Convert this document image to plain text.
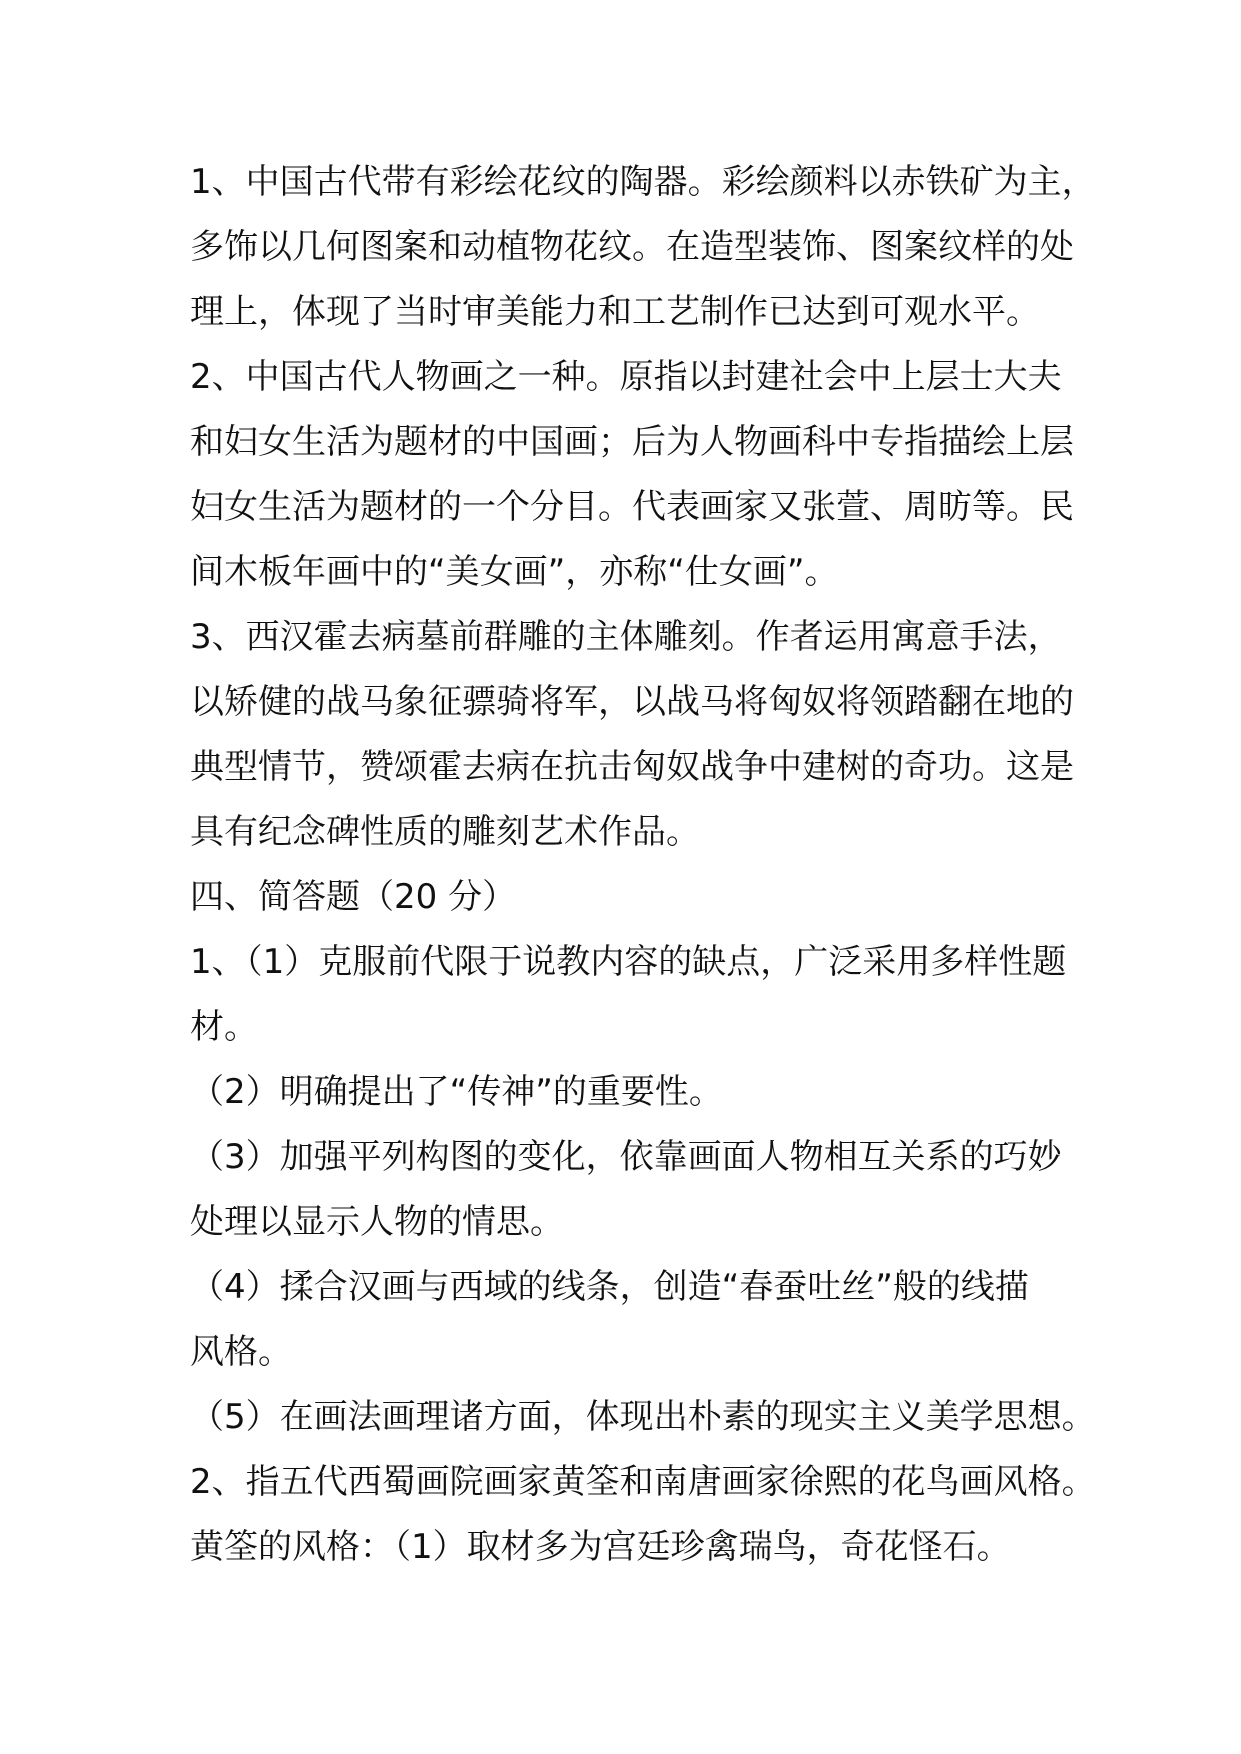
1、中国古代带有彩绘花纹的陶器。彩绘颜料以赤铁矿为主，

多饰以几何图案和动植物花纹。在造型装饰、图案纹样的处

理上，体现了当时审美能力和工艺制作已达到可观水平。

2、中国古代人物画之一种。原指以封建社会中上层士大夫

和妇女生活为题材的中国画；后为人物画科中专指描绘上层

妇女生活为题材的一个分目。代表画家又张萱、周昉等。民

间木板年画中的“美女画”，亦称“仕女画”。

3、西汉霍去病墓前群雕的主体雕刻。作者运用寓意手法，

以矫健的战马象征骠骑将军，以战马将匈奴将领踏翻在地的

典型情节，赞颂霍去病在抗击匈奴战争中建树的奇功。这是

具有纪念碑性质的雕刻艺术作品。

四、简答题（20 分）

1、（1）克服前代限于说教内容的缺点，广泛采用多样性题

材。

（2）明确提出了“传神”的重要性。

（3）加强平列构图的变化，依靠画面人物相互关系的巧妙

处理以显示人物的情思。

（4）揉合汉画与西域的线条，创造“春蚕吐丝”般的线描

风格。

（5）在画法画理诸方面，体现出朴素的现实主义美学思想。

2、指五代西蜀画院画家黄筌和南唐画家徐熙的花鸟画风格。

黄筌的风格：（1）取材多为宫廷珍禽瑞鸟，奇花怪石。
